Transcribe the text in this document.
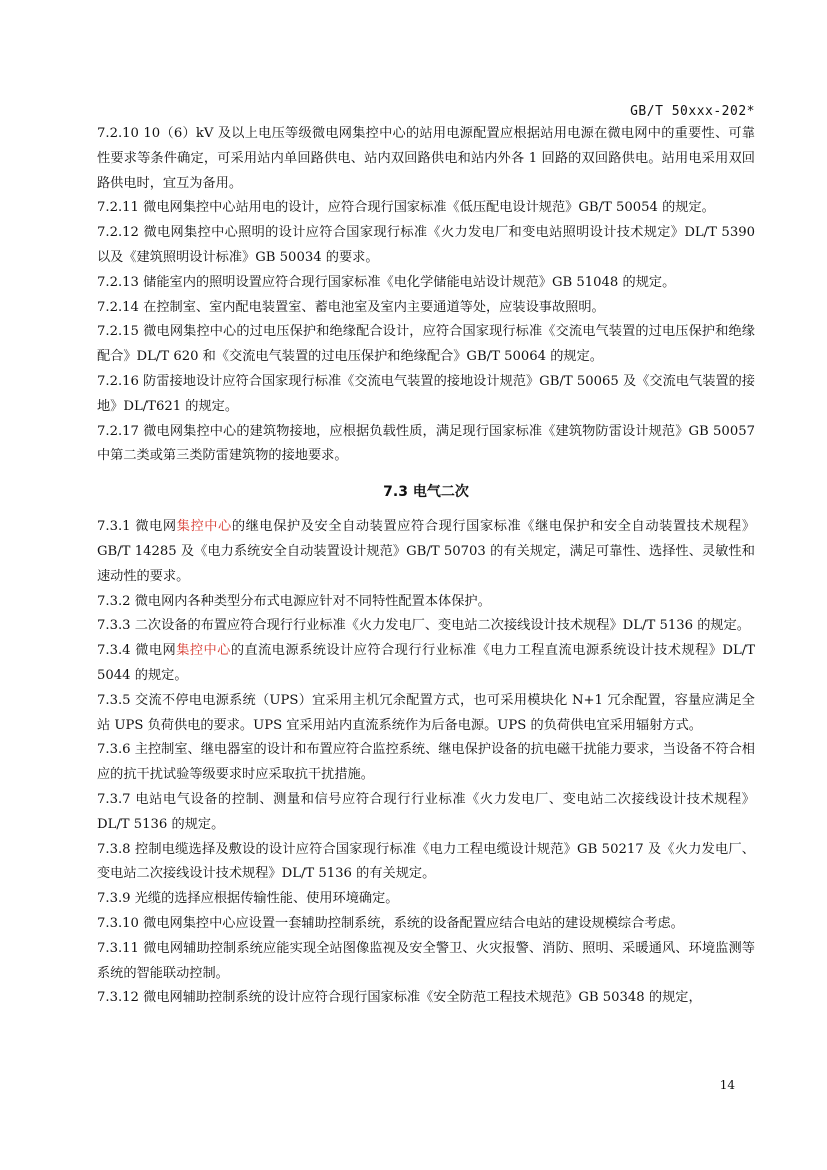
GB/T 50xxx-202*

7.2.10 10（6）kV 及以上电压等级微电网集控中心的站用电源配置应根据站用电源在微电网中的重要性、可靠性要求等条件确定，可采用站内单回路供电、站内双回路供电和站内外各 1 回路的双回路供电。站用电采用双回路供电时，宜互为备用。

7.2.11 微电网集控中心站用电的设计，应符合现行国家标准《低压配电设计规范》GB/T 50054 的规定。

7.2.12 微电网集控中心照明的设计应符合国家现行标准《火力发电厂和变电站照明设计技术规定》DL/T 5390 以及《建筑照明设计标准》GB 50034 的要求。

7.2.13 储能室内的照明设置应符合现行国家标准《电化学储能电站设计规范》GB 51048 的规定。

7.2.14 在控制室、室内配电装置室、蓄电池室及室内主要通道等处，应装设事故照明。

7.2.15 微电网集控中心的过电压保护和绝缘配合设计，应符合国家现行标准《交流电气装置的过电压保护和绝缘配合》DL/T 620 和《交流电气装置的过电压保护和绝缘配合》GB/T 50064 的规定。

7.2.16 防雷接地设计应符合国家现行标准《交流电气装置的接地设计规范》GB/T 50065 及《交流电气装置的接地》DL/T621 的规定。

7.2.17 微电网集控中心的建筑物接地，应根据负载性质，满足现行国家标准《建筑物防雷设计规范》GB 50057 中第二类或第三类防雷建筑物的接地要求。

7.3 电气二次

7.3.1 微电网集控中心的继电保护及安全自动装置应符合现行国家标准《继电保护和安全自动装置技术规程》GB/T 14285 及《电力系统安全自动装置设计规范》GB/T 50703 的有关规定，满足可靠性、选择性、灵敏性和速动性的要求。

7.3.2 微电网内各种类型分布式电源应针对不同特性配置本体保护。

7.3.3 二次设备的布置应符合现行行业标准《火力发电厂、变电站二次接线设计技术规程》DL/T 5136 的规定。

7.3.4 微电网集控中心的直流电源系统设计应符合现行行业标准《电力工程直流电源系统设计技术规程》DL/T 5044 的规定。

7.3.5 交流不停电电源系统（UPS）宜采用主机冗余配置方式，也可采用模块化 N+1 冗余配置，容量应满足全站 UPS 负荷供电的要求。UPS 宜采用站内直流系统作为后备电源。UPS 的负荷供电宜采用辐射方式。

7.3.6 主控制室、继电器室的设计和布置应符合监控系统、继电保护设备的抗电磁干扰能力要求，当设备不符合相应的抗干扰试验等级要求时应采取抗干扰措施。

7.3.7 电站电气设备的控制、测量和信号应符合现行行业标准《火力发电厂、变电站二次接线设计技术规程》DL/T 5136 的规定。

7.3.8 控制电缆选择及敷设的设计应符合国家现行标准《电力工程电缆设计规范》GB 50217 及《火力发电厂、变电站二次接线设计技术规程》DL/T 5136 的有关规定。

7.3.9 光缆的选择应根据传输性能、使用环境确定。

7.3.10 微电网集控中心应设置一套辅助控制系统，系统的设备配置应结合电站的建设规模综合考虑。

7.3.11 微电网辅助控制系统应能实现全站图像监视及安全警卫、火灾报警、消防、照明、采暖通风、环境监测等系统的智能联动控制。

7.3.12 微电网辅助控制系统的设计应符合现行国家标准《安全防范工程技术规范》GB 50348 的规定，

14
